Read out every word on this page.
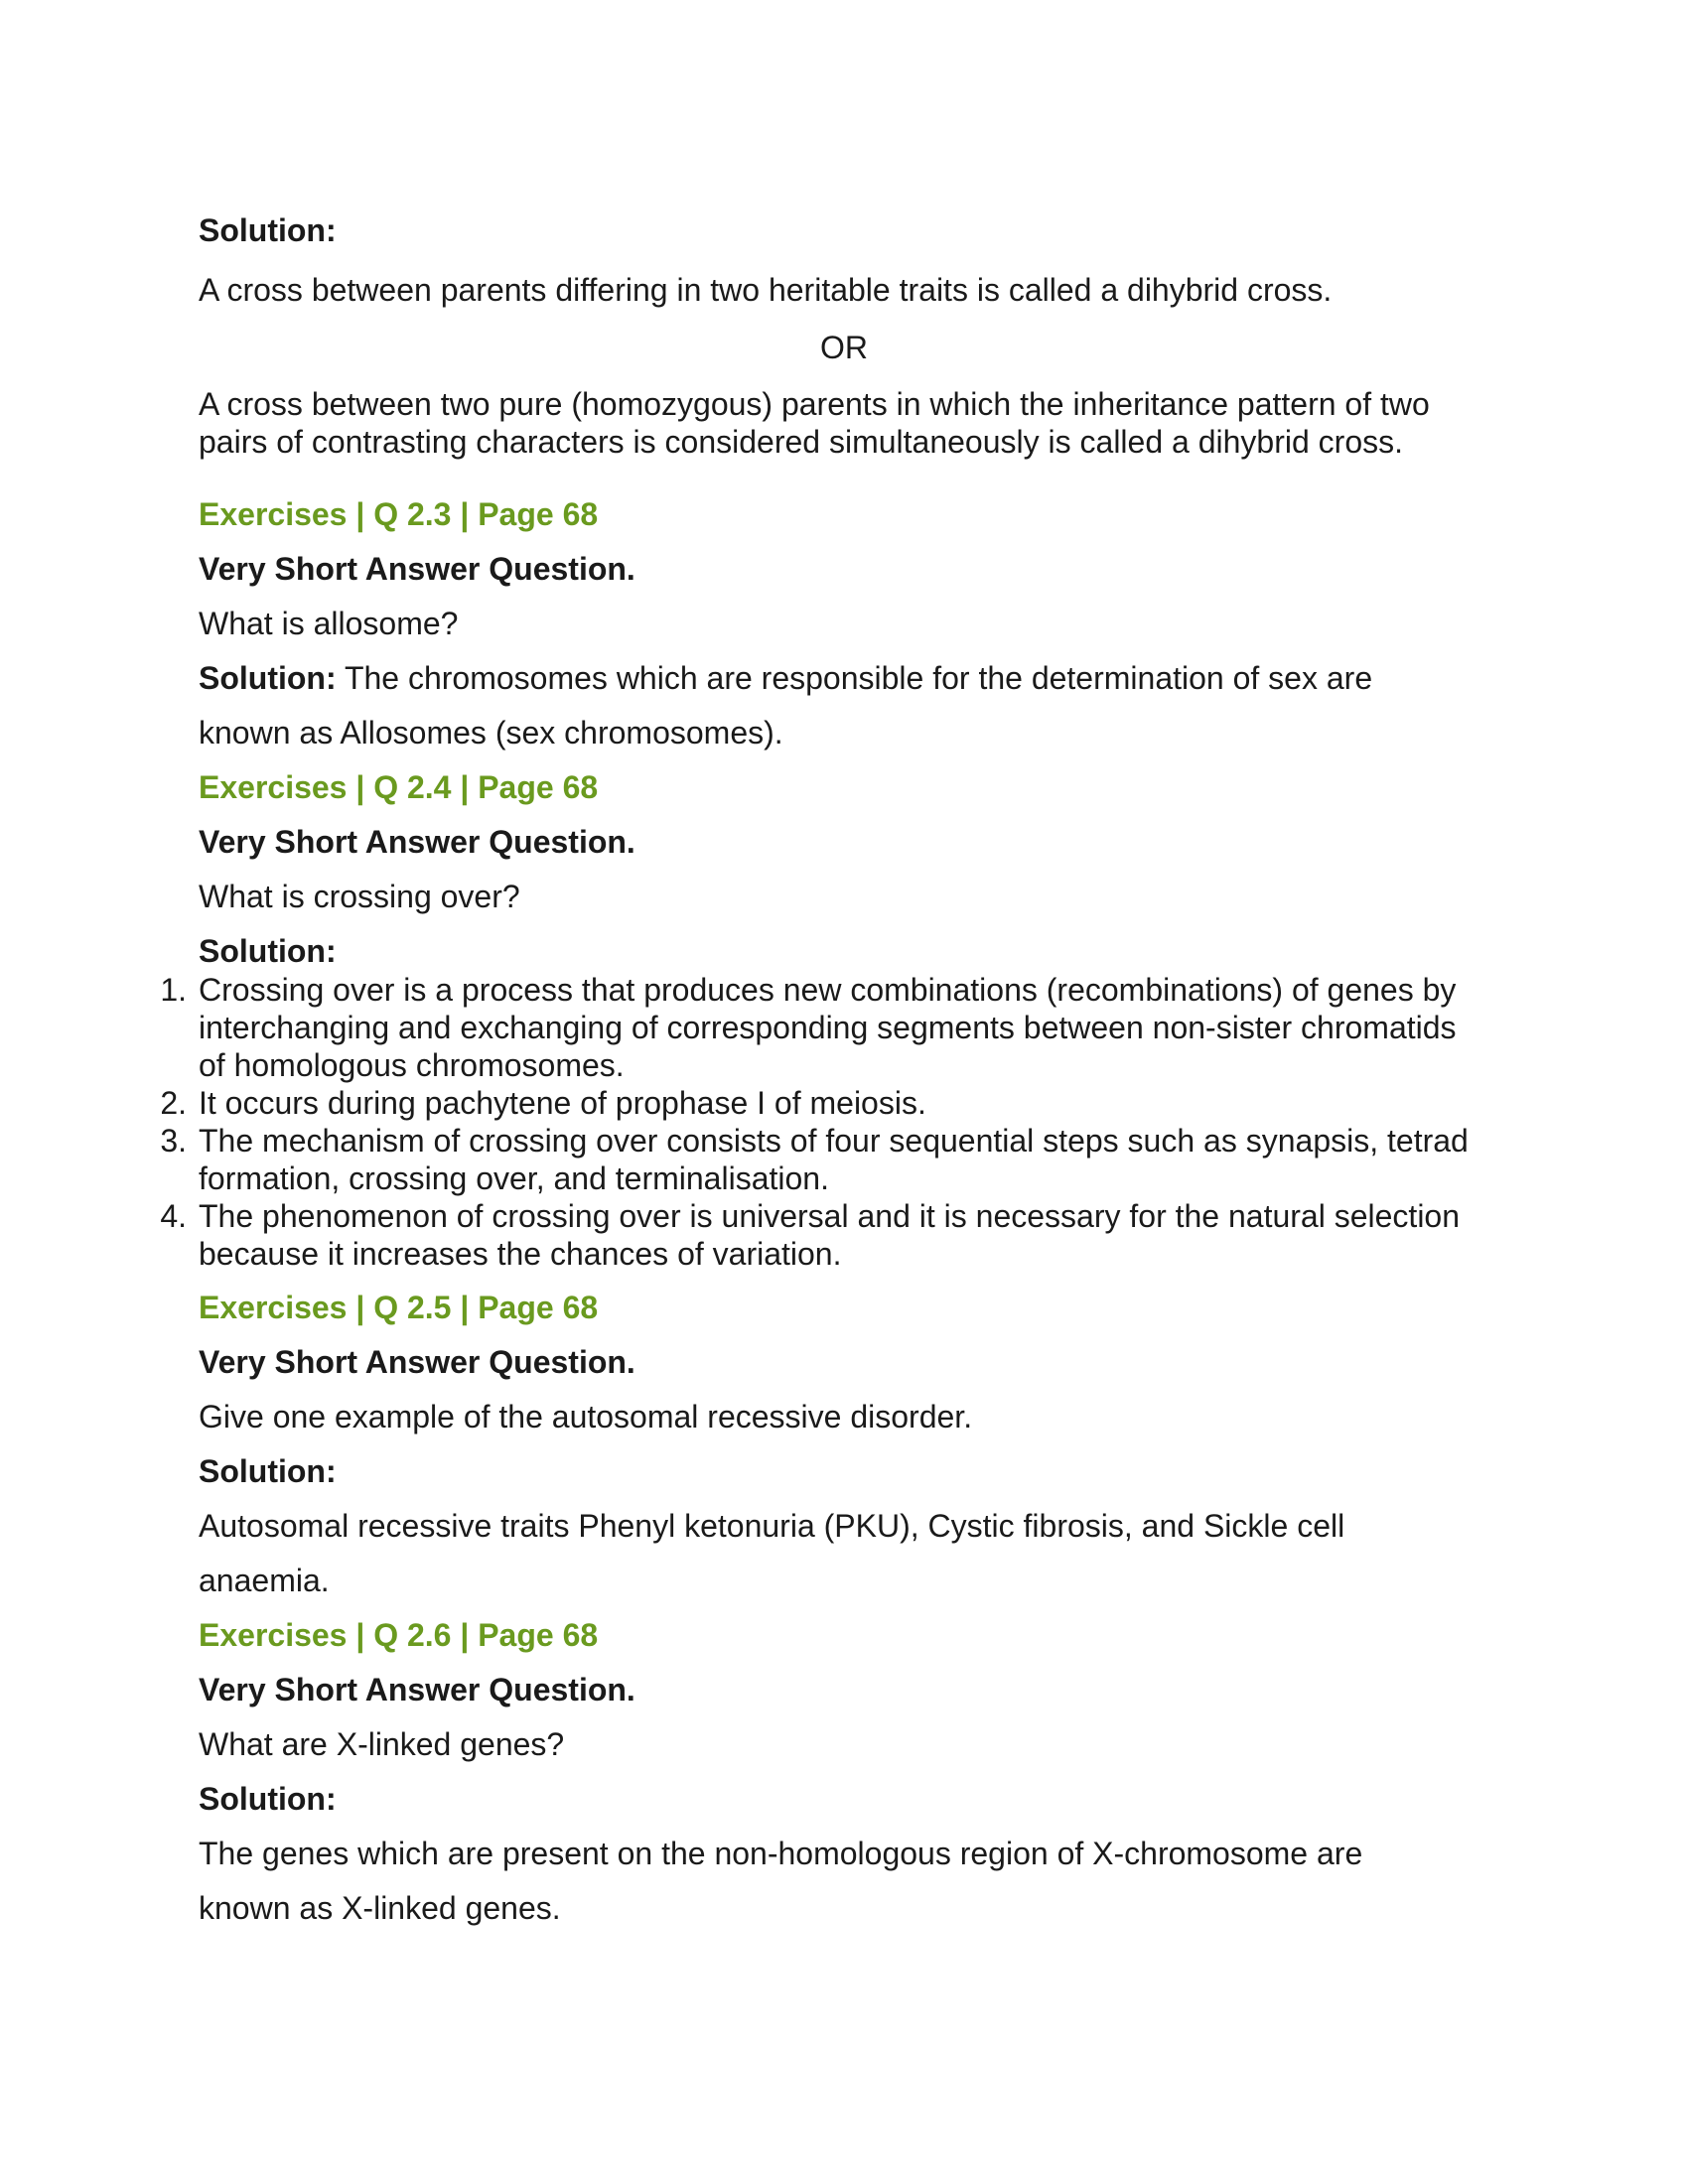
Solution:

A cross between parents differing in two heritable traits is called a dihybrid cross.

OR

A cross between two pure (homozygous) parents in which the inheritance pattern of two pairs of contrasting characters is considered simultaneously is called a dihybrid cross.

Exercises | Q 2.3 | Page 68

Very Short Answer Question.

What is allosome?

Solution: The chromosomes which are responsible for the determination of sex are

known as Allosomes (sex chromosomes).

Exercises | Q 2.4 | Page 68

Very Short Answer Question.

What is crossing over?

Solution:

1. Crossing over is a process that produces new combinations (recombinations) of genes by interchanging and exchanging of corresponding segments between non-sister chromatids of homologous chromosomes.
2. It occurs during pachytene of prophase I of meiosis.
3. The mechanism of crossing over consists of four sequential steps such as synapsis, tetrad formation, crossing over, and terminalisation.
4. The phenomenon of crossing over is universal and it is necessary for the natural selection because it increases the chances of variation.

Exercises | Q 2.5 | Page 68

Very Short Answer Question.

Give one example of the autosomal recessive disorder.

Solution:

Autosomal recessive traits Phenyl ketonuria (PKU), Cystic fibrosis, and Sickle cell

anaemia.

Exercises | Q 2.6 | Page 68

Very Short Answer Question.

What are X-linked genes?

Solution:

The genes which are present on the non-homologous region of X-chromosome are

known as X-linked genes.
